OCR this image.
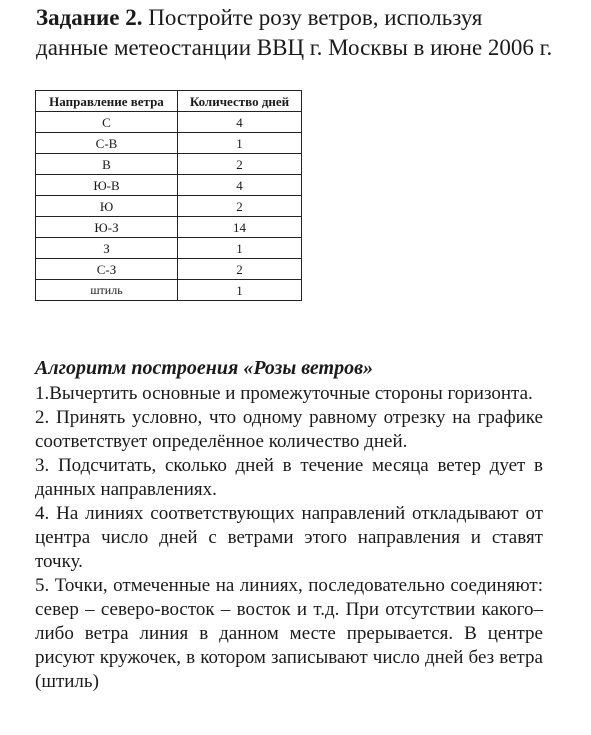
Задание 2. Постройте розу ветров, используя данные метеостанции ВВЦ г. Москвы в июне 2006 г.

Направление ветра	Количество дней
С	4
С-В	1
В	2
Ю-В	4
Ю	2
Ю-З	14
З	1
С-З	2
штиль	1
Алгоритм построения «Розы ветров»

1.Вычертить основные и промежуточные стороны горизонта.

2. Принять условно, что одному равному отрезку на графике соответствует определённое количество дней.

3. Подсчитать, сколько дней в течение месяца ветер дует в данных направлениях.

4. На линиях соответствующих направлений откладывают от центра число дней с ветрами этого направления и ставят точку.

5. Точки, отмеченные на линиях, последовательно соединяют: север – северо-восток – восток и т.д. При отсутствии какого– либо ветра линия в данном месте прерывается. В центре рисуют кружочек, в котором записывают число дней без ветра (штиль)
